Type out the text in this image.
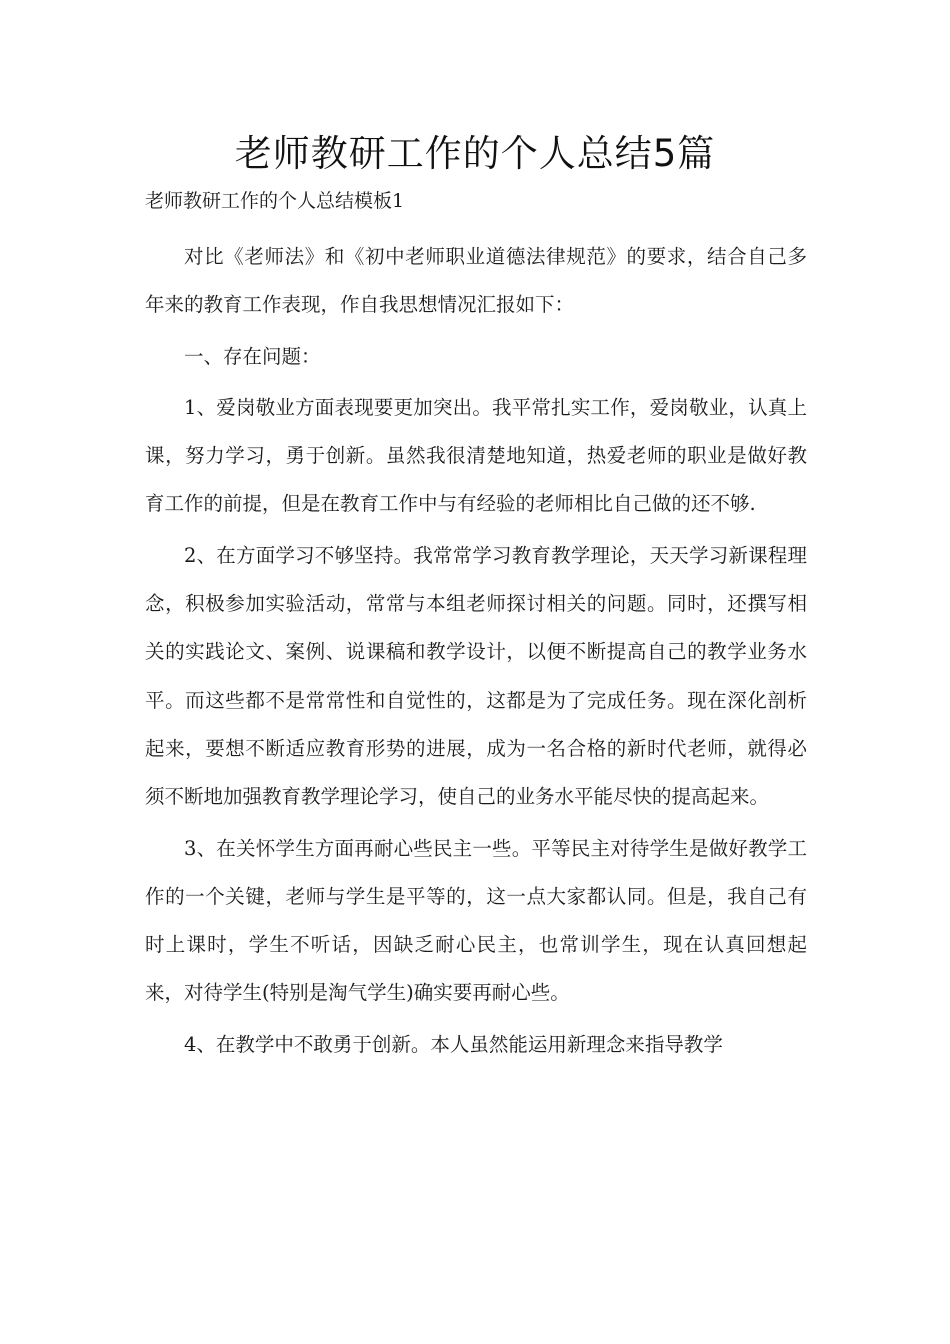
老师教研工作的个人总结5篇
老师教研工作的个人总结模板1

对比《老师法》和《初中老师职业道德法律规范》的要求，结合自己多年来的教育工作表现，作自我思想情况汇报如下：

一、存在问题：

1、爱岗敬业方面表现要更加突出。我平常扎实工作，爱岗敬业，认真上课，努力学习，勇于创新。虽然我很清楚地知道，热爱老师的职业是做好教育工作的前提，但是在教育工作中与有经验的老师相比自己做的还不够.

2、在方面学习不够坚持。我常常学习教育教学理论，天天学习新课程理念，积极参加实验活动，常常与本组老师探讨相关的问题。同时，还撰写相关的实践论文、案例、说课稿和教学设计，以便不断提高自己的教学业务水平。而这些都不是常常性和自觉性的，这都是为了完成任务。现在深化剖析起来，要想不断适应教育形势的进展，成为一名合格的新时代老师，就得必须不断地加强教育教学理论学习，使自己的业务水平能尽快的提高起来。

3、在关怀学生方面再耐心些民主一些。平等民主对待学生是做好教学工作的一个关键，老师与学生是平等的，这一点大家都认同。但是，我自己有时上课时，学生不听话，因缺乏耐心民主，也常训学生，现在认真回想起来，对待学生(特别是淘气学生)确实要再耐心些。

4、在教学中不敢勇于创新。本人虽然能运用新理念来指导教学
